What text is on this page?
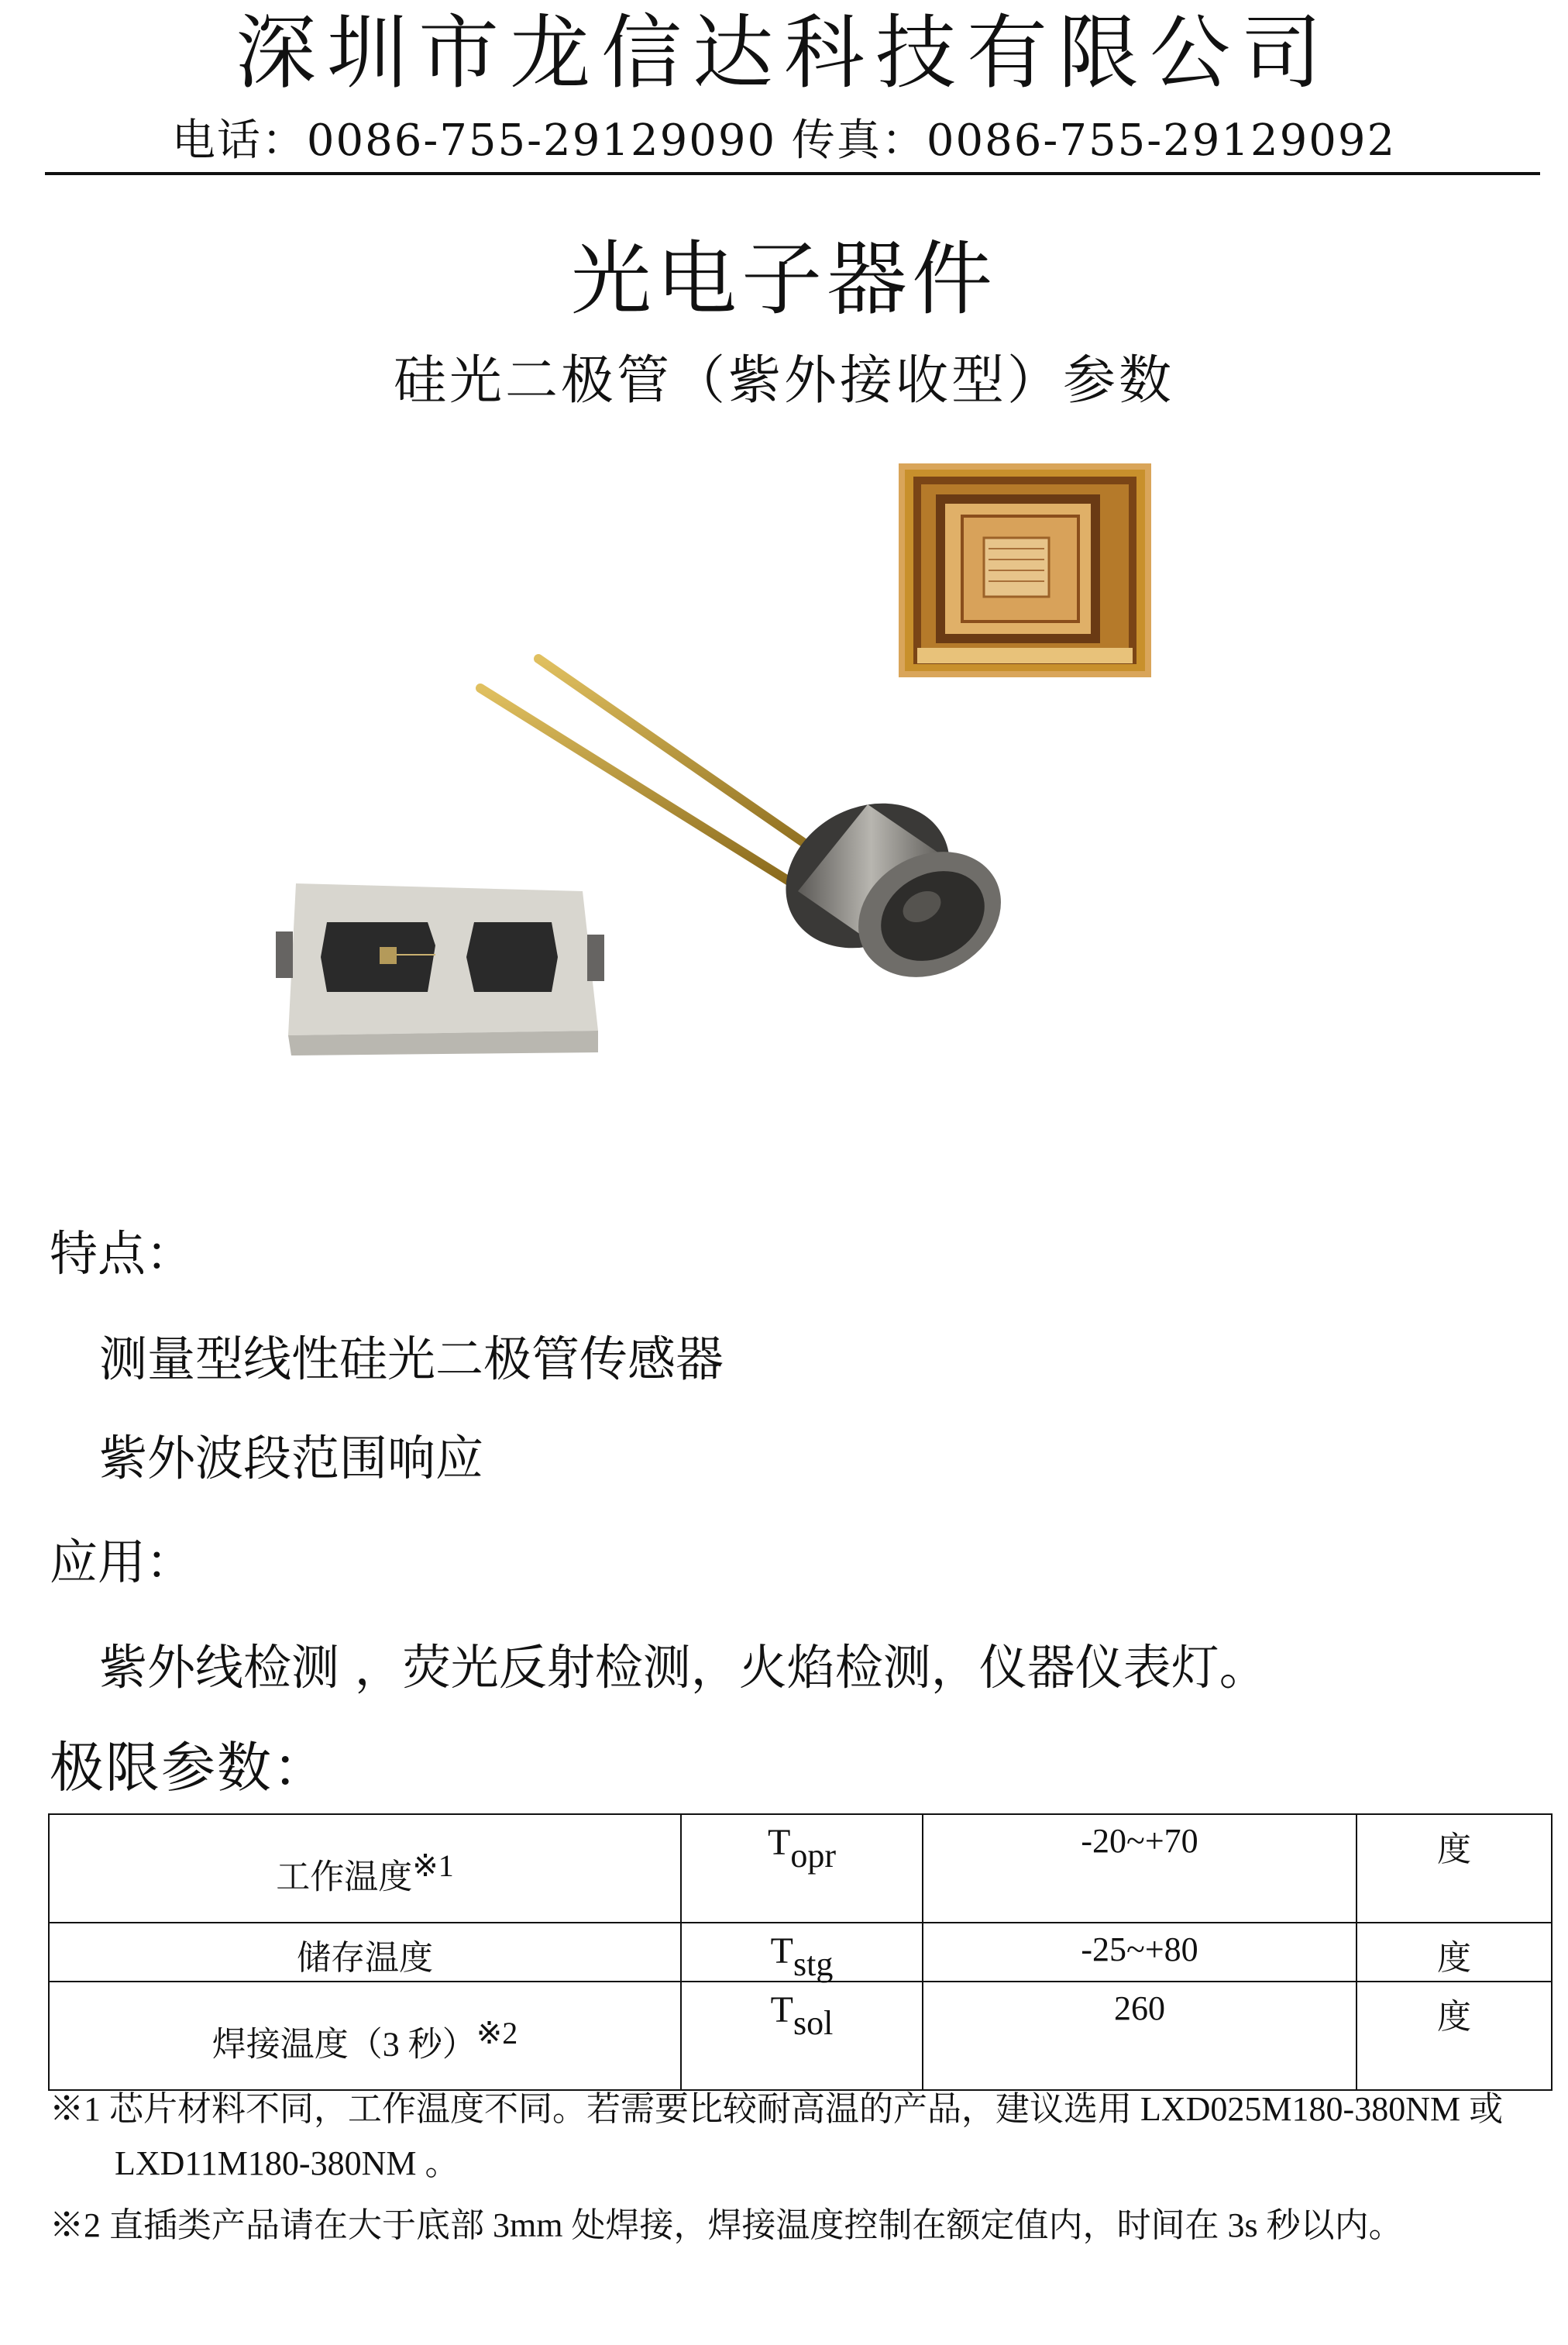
深圳市龙信达科技有限公司
电话：0086-755-29129090 传真：0086-755-29129092
光电子器件
硅光二极管（紫外接收型）参数
特点：
测量型线性硅光二极管传感器
紫外波段范围响应
应用：
紫外线检测 ，荧光反射检测，火焰检测，仪器仪表灯。
极限参数：
工作温度※1	Topr	-20~+70	度
储存温度	Tstg	-25~+80	度

焊接温度（3 秒）※2	Tsol	260	度
※1 芯片材料不同，工作温度不同。若需要比较耐高温的产品，建议选用 LXD025M180-380NM 或
LXD11M180-380NM 。
※2 直插类产品请在大于底部 3mm 处焊接，焊接温度控制在额定值内，时间在 3s 秒以内。
